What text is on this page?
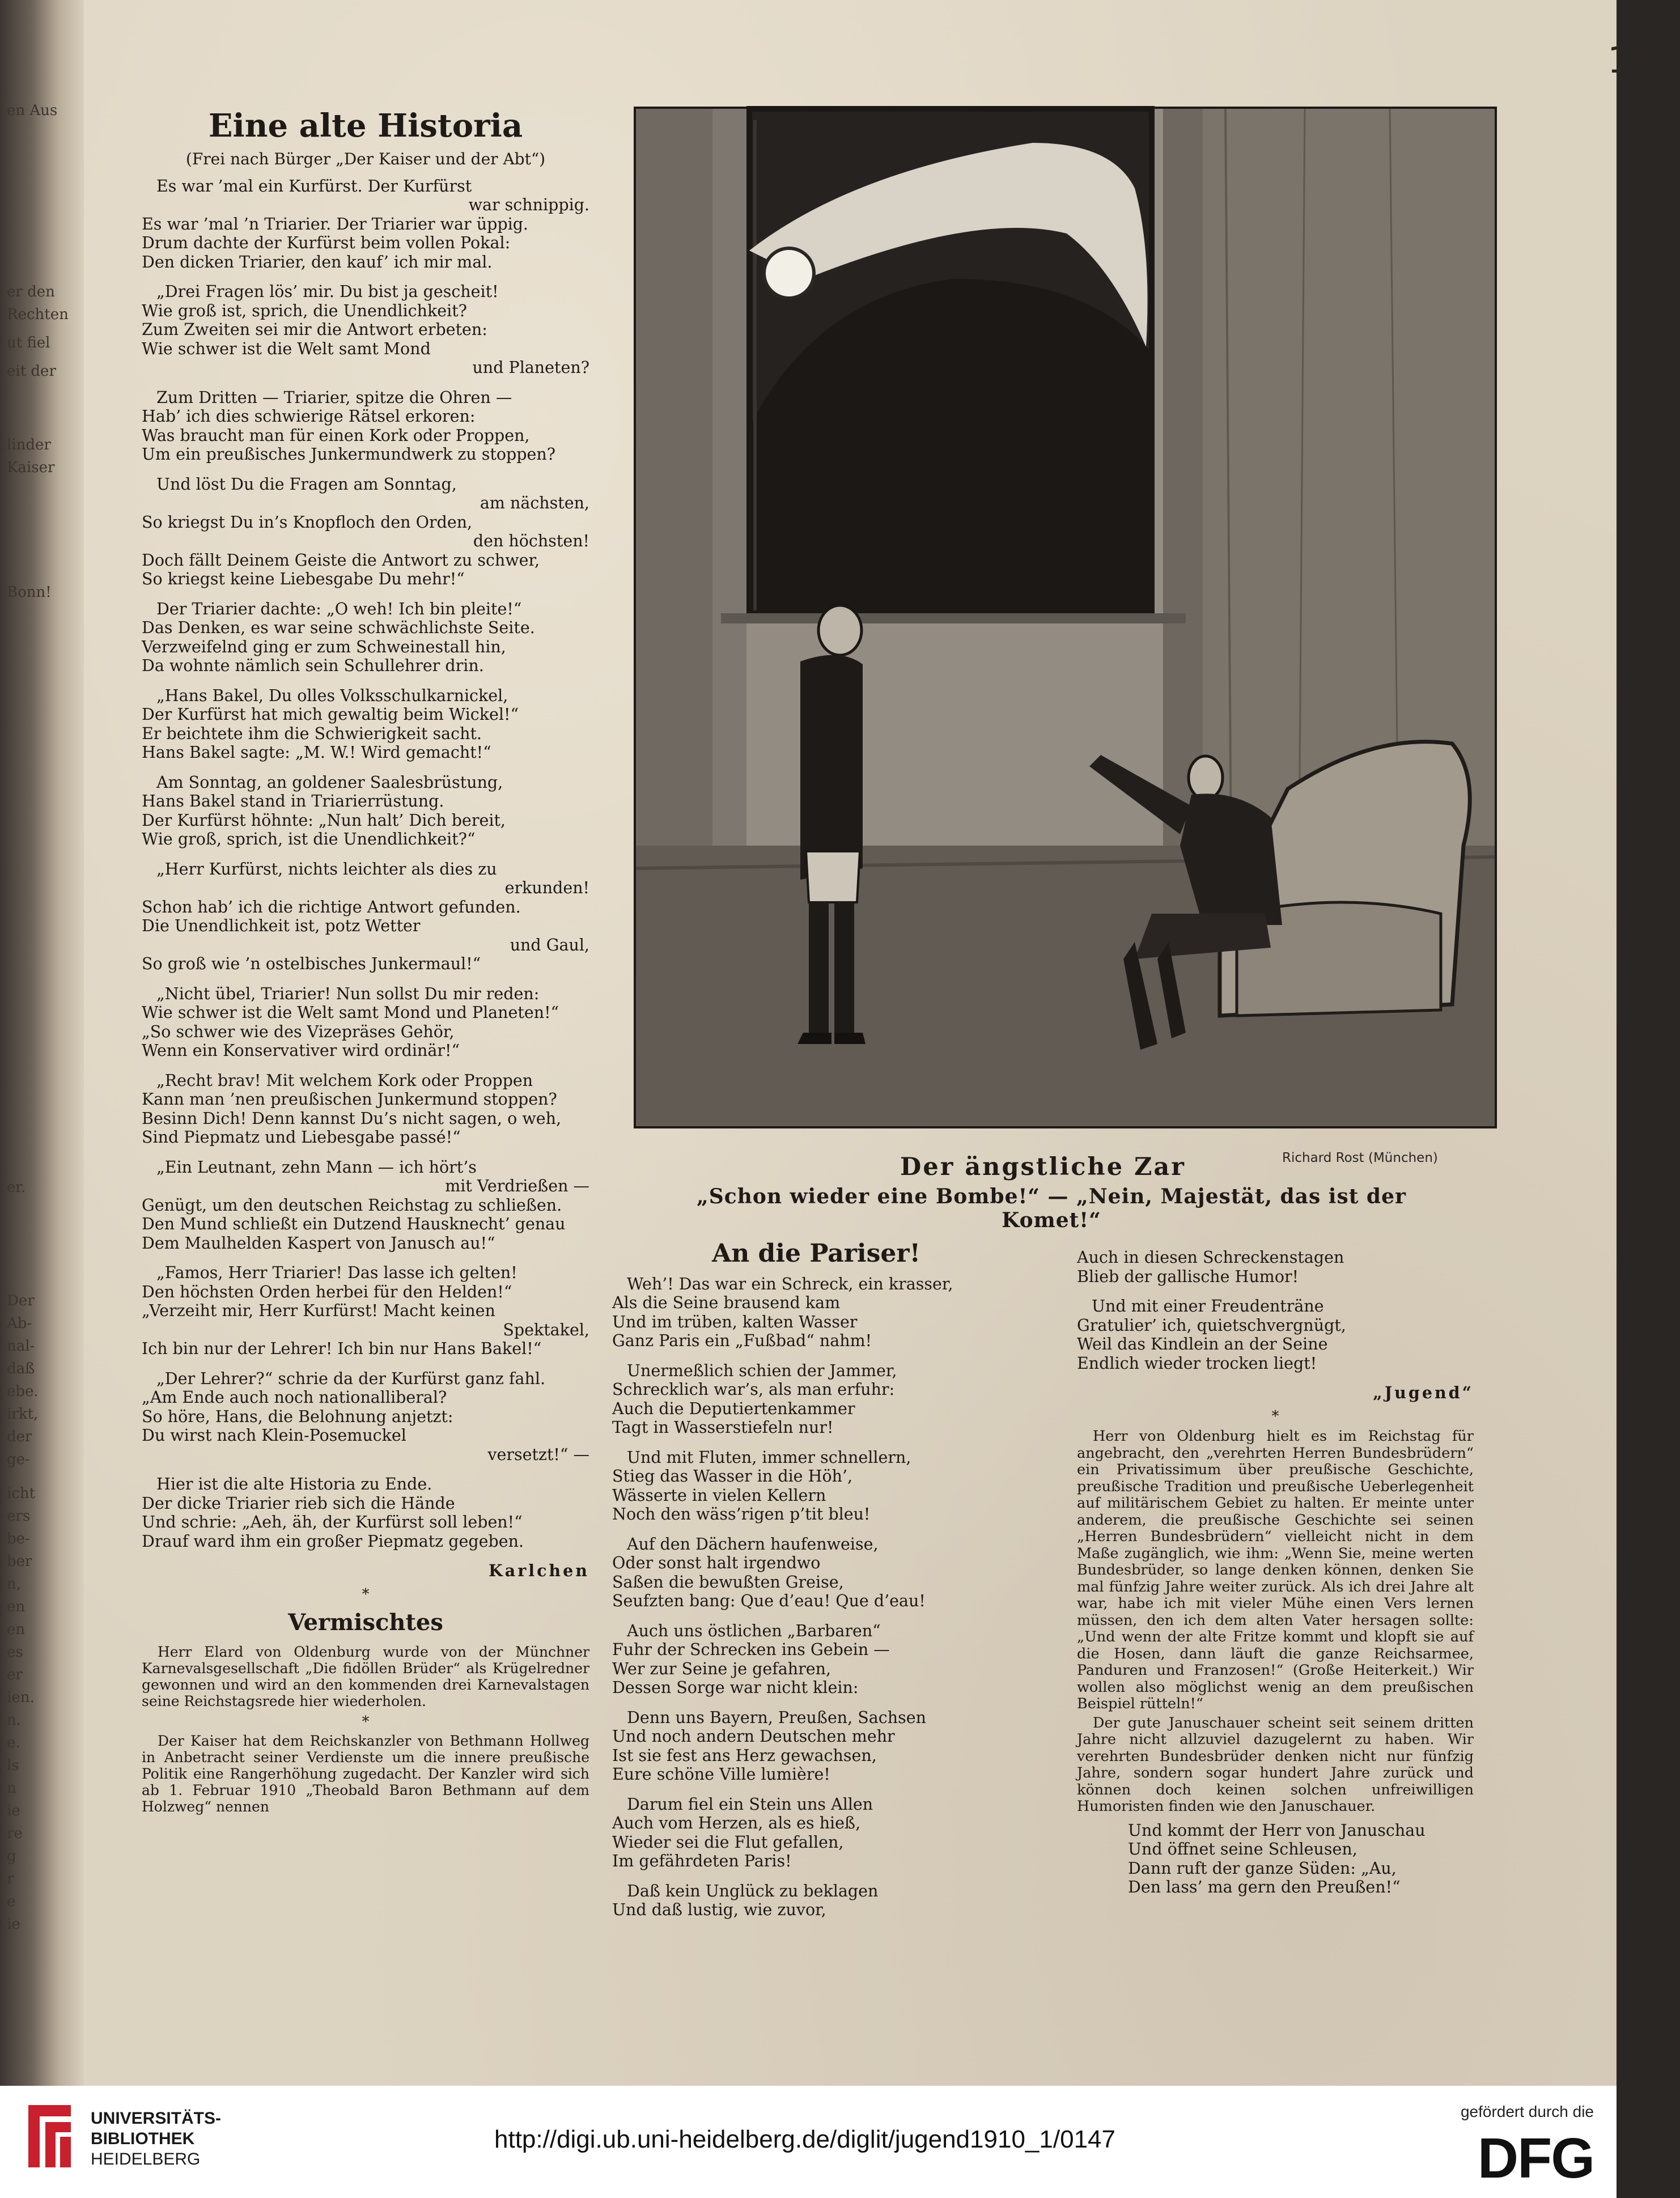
en Aus
er den
Rechten
ut fiel
eit der
linder
Kaiser
Bonn!
er.
Der
Ab-
nal-
daß
ebe.
irkt,
der
ge-
icht
ers
be-
ber
n,
en
en
es
er
ien.
n.
e.
ls
n
ie
re
g
r
e
ie
147
Eine alte Historia
(Frei nach Bürger „Der Kaiser und der Abt“)
Es war ’mal ein Kurfürst. Der Kurfürst
war schnippig.
Es war ’mal ’n Triarier. Der Triarier war üppig.
Drum dachte der Kurfürst beim vollen Pokal:
Den dicken Triarier, den kauf’ ich mir mal.
„Drei Fragen lös’ mir. Du bist ja gescheit!
Wie groß ist, sprich, die Unendlichkeit?
Zum Zweiten sei mir die Antwort erbeten:
Wie schwer ist die Welt samt Mond
und Planeten?
Zum Dritten — Triarier, spitze die Ohren —
Hab’ ich dies schwierige Rätsel erkoren:
Was braucht man für einen Kork oder Proppen,
Um ein preußisches Junkermundwerk zu stoppen?
Und löst Du die Fragen am Sonntag,
am nächsten,
So kriegst Du in’s Knopfloch den Orden,
den höchsten!
Doch fällt Deinem Geiste die Antwort zu schwer,
So kriegst keine Liebesgabe Du mehr!“
Der Triarier dachte: „O weh! Ich bin pleite!“
Das Denken, es war seine schwächlichste Seite.
Verzweifelnd ging er zum Schweinestall hin,
Da wohnte nämlich sein Schullehrer drin.
„Hans Bakel, Du olles Volksschulkarnickel,
Der Kurfürst hat mich gewaltig beim Wickel!“
Er beichtete ihm die Schwierigkeit sacht.
Hans Bakel sagte: „M. W.! Wird gemacht!“
Am Sonntag, an goldener Saalesbrüstung,
Hans Bakel stand in Triarierrüstung.
Der Kurfürst höhnte: „Nun halt’ Dich bereit,
Wie groß, sprich, ist die Unendlichkeit?“
„Herr Kurfürst, nichts leichter als dies zu
erkunden!
Schon hab’ ich die richtige Antwort gefunden.
Die Unendlichkeit ist, potz Wetter
und Gaul,
So groß wie ’n ostelbisches Junkermaul!“
„Nicht übel, Triarier! Nun sollst Du mir reden:
Wie schwer ist die Welt samt Mond und Planeten!“
„So schwer wie des Vizepräses Gehör,
Wenn ein Konservativer wird ordinär!“
„Recht brav! Mit welchem Kork oder Proppen
Kann man ’nen preußischen Junkermund stoppen?
Besinn Dich! Denn kannst Du’s nicht sagen, o weh,
Sind Piepmatz und Liebesgabe passé!“
„Ein Leutnant, zehn Mann — ich hört’s
mit Verdrießen —
Genügt, um den deutschen Reichstag zu schließen.
Den Mund schließt ein Dutzend Hausknecht’ genau
Dem Maulhelden Kaspert von Janusch au!“
„Famos, Herr Triarier! Das lasse ich gelten!
Den höchsten Orden herbei für den Helden!“
„Verzeiht mir, Herr Kurfürst! Macht keinen
Spektakel,
Ich bin nur der Lehrer! Ich bin nur Hans Bakel!“
„Der Lehrer?“ schrie da der Kurfürst ganz fahl.
„Am Ende auch noch nationalliberal?
So höre, Hans, die Belohnung anjetzt:
Du wirst nach Klein-Posemuckel
versetzt!“ —
Hier ist die alte Historia zu Ende.
Der dicke Triarier rieb sich die Hände
Und schrie: „Aeh, äh, der Kurfürst soll leben!“
Drauf ward ihm ein großer Piepmatz gegeben.
Karlchen
*
Vermischtes
Herr Elard von Oldenburg wurde von der Münchner Karnevalsgesellschaft „Die fidöllen Brüder“ als Krügelredner gewonnen und wird an den kommenden drei Karnevalstagen seine Reichstagsrede hier wiederholen.
*
Der Kaiser hat dem Reichskanzler von Bethmann Hollweg in Anbetracht seiner Verdienste um die innere preußische Politik eine Rangerhöhung zugedacht. Der Kanzler wird sich ab 1. Februar 1910 „Theobald Baron Bethmann auf dem Holzweg“ nennen
Der ängstliche Zar	Richard Rost (München)
„Schon wieder eine Bombe!“ — „Nein, Majestät, das ist der Komet!“
An die Pariser!
Weh’! Das war ein Schreck, ein krasser,
Als die Seine brausend kam
Und im trüben, kalten Wasser
Ganz Paris ein „Fußbad“ nahm!
Unermeßlich schien der Jammer,
Schrecklich war’s, als man erfuhr:
Auch die Deputiertenkammer
Tagt in Wasserstiefeln nur!
Und mit Fluten, immer schnellern,
Stieg das Wasser in die Höh’,
Wässerte in vielen Kellern
Noch den wäss’rigen p’tit bleu!
Auf den Dächern haufenweise,
Oder sonst halt irgendwo
Saßen die bewußten Greise,
Seufzten bang: Que d’eau! Que d’eau!
Auch uns östlichen „Barbaren“
Fuhr der Schrecken ins Gebein —
Wer zur Seine je gefahren,
Dessen Sorge war nicht klein:
Denn uns Bayern, Preußen, Sachsen
Und noch andern Deutschen mehr
Ist sie fest ans Herz gewachsen,
Eure schöne Ville lumière!
Darum fiel ein Stein uns Allen
Auch vom Herzen, als es hieß,
Wieder sei die Flut gefallen,
Im gefährdeten Paris!
Daß kein Unglück zu beklagen
Und daß lustig, wie zuvor,
Auch in diesen Schreckenstagen
Blieb der gallische Humor!
Und mit einer Freudenträne
Gratulier’ ich, quietschvergnügt,
Weil das Kindlein an der Seine
Endlich wieder trocken liegt!
„Jugend“
*
Herr von Oldenburg hielt es im Reichstag für angebracht, den „verehrten Herren Bundesbrüdern“ ein Privatissimum über preußische Geschichte, preußische Tradition und preußische Ueberlegenheit auf militärischem Gebiet zu halten. Er meinte unter anderem, die preußische Geschichte sei seinen „Herren Bundesbrüdern“ vielleicht nicht in dem Maße zugänglich, wie ihm: „Wenn Sie, meine werten Bundesbrüder, so lange denken können, denken Sie mal fünfzig Jahre weiter zurück. Als ich drei Jahre alt war, habe ich mit vieler Mühe einen Vers lernen müssen, den ich dem alten Vater hersagen sollte: „Und wenn der alte Fritze kommt und klopft sie auf die Hosen, dann läuft die ganze Reichsarmee, Panduren und Franzosen!“ (Große Heiterkeit.) Wir wollen also möglichst wenig an dem preußischen Beispiel rütteln!“
Der gute Januschauer scheint seit seinem dritten Jahre nicht allzuviel dazugelernt zu haben. Wir verehrten Bundesbrüder denken nicht nur fünfzig Jahre, sondern sogar hundert Jahre zurück und können doch keinen solchen unfreiwilligen Humoristen finden wie den Januschauer.
Und kommt der Herr von Januschau
Und öffnet seine Schleusen,
Dann ruft der ganze Süden: „Au,
Den lass’ ma gern den Preußen!“
UNIVERSITÄTS-
BIBLIOTHEK
HEIDELBERG
http://digi.ub.uni-heidelberg.de/diglit/jugend1910_1/0147
gefördert durch die
DFG
